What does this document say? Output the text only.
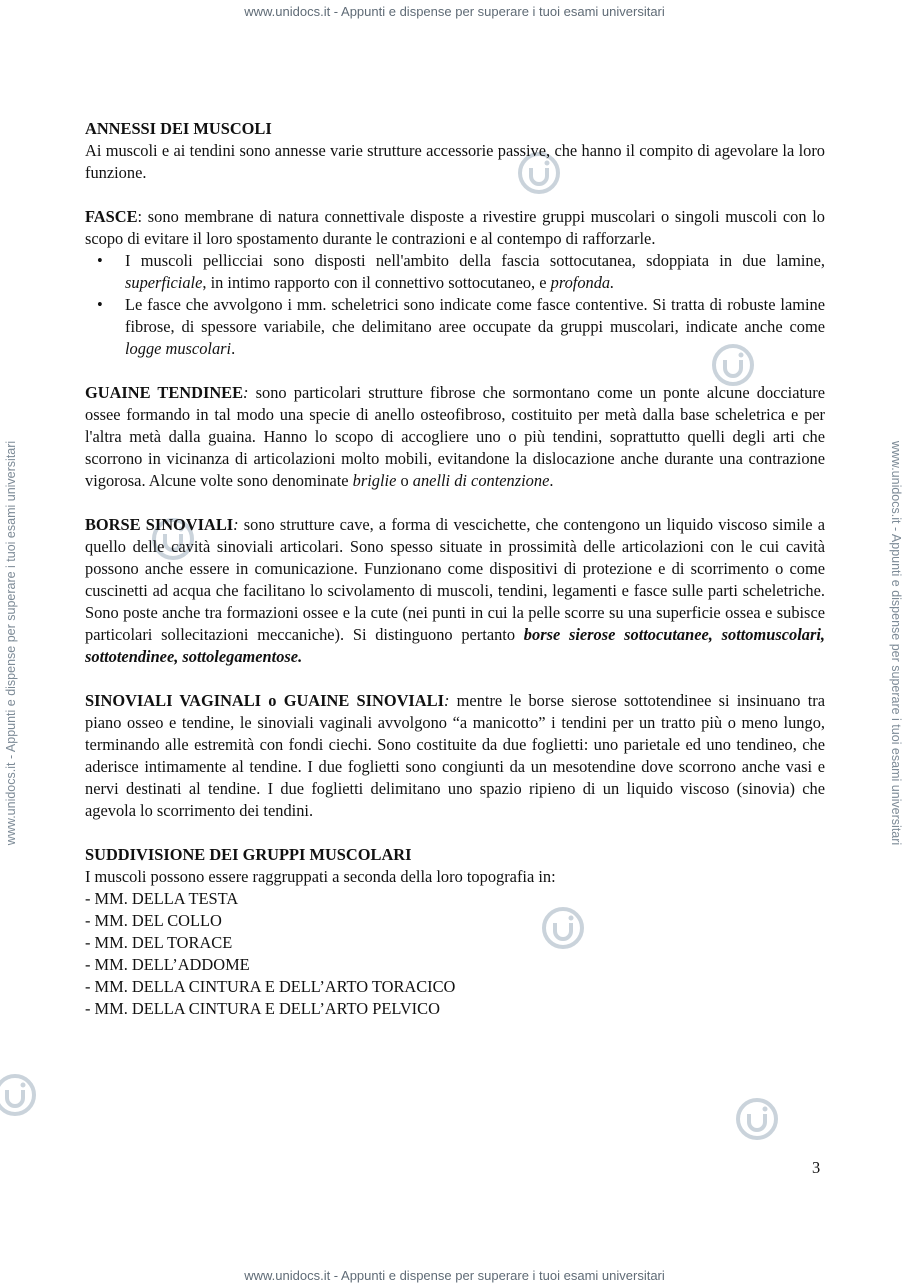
www.unidocs.it - Appunti e dispense per superare i tuoi esami universitari
www.unidocs.it - Appunti e dispense per superare i tuoi esami universitari
www.unidocs.it - Appunti e dispense per superare i tuoi esami universitari	www.unidocs.it - Appunti e dispense per superare i tuoi esami universitari

ANNESSI DEI MUSCOLI

Ai muscoli e ai tendini sono annesse varie strutture accessorie passive, che hanno il compito di agevolare la loro funzione.

FASCE: sono membrane di natura connettivale disposte a rivestire gruppi muscolari o singoli muscoli con lo scopo di evitare il loro spostamento durante le contrazioni e al contempo di rafforzarle.

• I muscoli pellicciai sono disposti nell'ambito della fascia sottocutanea, sdoppiata in due lamine, superficiale, in intimo rapporto con il connettivo sottocutaneo, e profonda.
• Le fasce che avvolgono i mm. scheletrici sono indicate come fasce contentive. Si tratta di robuste lamine fibrose, di spessore variabile, che delimitano aree occupate da gruppi muscolari, indicate anche come logge muscolari.

GUAINE TENDINEE: sono particolari strutture fibrose che sormontano come un ponte alcune docciature ossee formando in tal modo una specie di anello osteofibroso, costituito per metà dalla base scheletrica e per l'altra metà dalla guaina. Hanno lo scopo di accogliere uno o più tendini, soprattutto quelli degli arti che scorrono in vicinanza di articolazioni molto mobili, evitandone la dislocazione anche durante una contrazione vigorosa. Alcune volte sono denominate briglie o anelli di contenzione.

BORSE SINOVIALI: sono strutture cave, a forma di vescichette, che contengono un liquido viscoso simile a quello delle cavità sinoviali articolari. Sono spesso situate in prossimità delle articolazioni con le cui cavità possono anche essere in comunicazione. Funzionano come dispositivi di protezione e di scorrimento o come cuscinetti ad acqua che facilitano lo scivolamento di muscoli, tendini, legamenti e fasce sulle parti scheletriche. Sono poste anche tra formazioni ossee e la cute (nei punti in cui la pelle scorre su una superficie ossea e subisce particolari sollecitazioni meccaniche). Si distinguono pertanto borse sierose sottocutanee, sottomuscolari, sottotendinee, sottolegamentose.

SINOVIALI VAGINALI o GUAINE SINOVIALI: mentre le borse sierose sottotendinee si insinuano tra piano osseo e tendine, le sinoviali vaginali avvolgono “a manicotto” i tendini per un tratto più o meno lungo, terminando alle estremità con fondi ciechi. Sono costituite da due foglietti: uno parietale ed uno tendineo, che aderisce intimamente al tendine. I due foglietti sono congiunti da un mesotendine dove scorrono anche vasi e nervi destinati al tendine. I due foglietti delimitano uno spazio ripieno di un liquido viscoso (sinovia) che agevola lo scorrimento dei tendini.

SUDDIVISIONE DEI GRUPPI MUSCOLARI

I muscoli possono essere raggruppati a seconda della loro topografia in:

- MM. DELLA TESTA

- MM. DEL COLLO

- MM. DEL TORACE

- MM. DELL’ADDOME

- MM. DELLA CINTURA E DELL’ARTO TORACICO

- MM. DELLA CINTURA E DELL’ARTO PELVICO

3
